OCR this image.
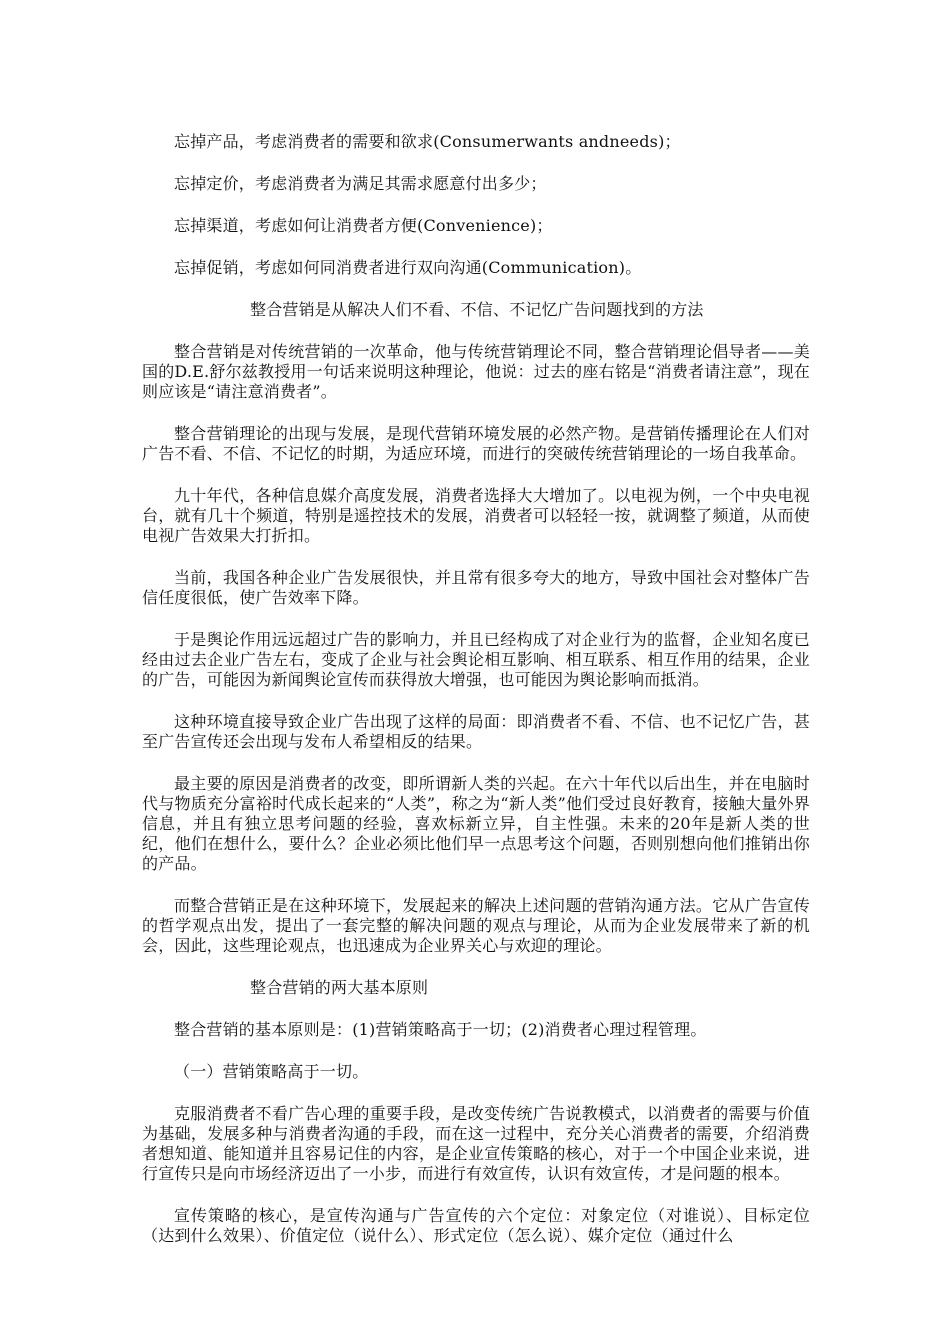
忘掉产品，考虑消费者的需要和欲求(Consumerwants andneeds)；

忘掉定价，考虑消费者为满足其需求愿意付出多少；

忘掉渠道，考虑如何让消费者方便(Convenience)；

忘掉促销，考虑如何同消费者进行双向沟通(Communication)。

整合营销是从解决人们不看、不信、不记忆广告问题找到的方法

整合营销是对传统营销的一次革命，他与传统营销理论不同，整合营销理论倡导者——美国的D.E.舒尔兹教授用一句话来说明这种理论，他说：过去的座右铭是“消费者请注意”，现在则应该是“请注意消费者”。

整合营销理论的出现与发展，是现代营销环境发展的必然产物。是营销传播理论在人们对广告不看、不信、不记忆的时期，为适应环境，而进行的突破传统营销理论的一场自我革命。

九十年代，各种信息媒介高度发展，消费者选择大大增加了。以电视为例，一个中央电视台，就有几十个频道，特别是遥控技术的发展，消费者可以轻轻一按，就调整了频道，从而使电视广告效果大打折扣。

当前，我国各种企业广告发展很快，并且常有很多夸大的地方，导致中国社会对整体广告信任度很低，使广告效率下降。

于是舆论作用远远超过广告的影响力，并且已经构成了对企业行为的监督，企业知名度已经由过去企业广告左右，变成了企业与社会舆论相互影响、相互联系、相互作用的结果，企业的广告，可能因为新闻舆论宣传而获得放大增强，也可能因为舆论影响而抵消。

这种环境直接导致企业广告出现了这样的局面：即消费者不看、不信、也不记忆广告，甚至广告宣传还会出现与发布人希望相反的结果。

最主要的原因是消费者的改变，即所谓新人类的兴起。在六十年代以后出生，并在电脑时代与物质充分富裕时代成长起来的“人类”，称之为“新人类”他们受过良好教育，接触大量外界信息，并且有独立思考问题的经验，喜欢标新立异，自主性强。未来的20年是新人类的世纪，他们在想什么，要什么？企业必须比他们早一点思考这个问题，否则别想向他们推销出你的产品。

而整合营销正是在这种环境下，发展起来的解决上述问题的营销沟通方法。它从广告宣传的哲学观点出发，提出了一套完整的解决问题的观点与理论，从而为企业发展带来了新的机会，因此，这些理论观点，也迅速成为企业界关心与欢迎的理论。

整合营销的两大基本原则

整合营销的基本原则是：(1)营销策略高于一切；(2)消费者心理过程管理。

（一）营销策略高于一切。

克服消费者不看广告心理的重要手段，是改变传统广告说教模式，以消费者的需要与价值为基础，发展多种与消费者沟通的手段，而在这一过程中，充分关心消费者的需要，介绍消费者想知道、能知道并且容易记住的内容，是企业宣传策略的核心，对于一个中国企业来说，进行宣传只是向市场经济迈出了一小步，而进行有效宣传，认识有效宣传，才是问题的根本。

宣传策略的核心，是宣传沟通与广告宣传的六个定位：对象定位（对谁说）、目标定位（达到什么效果）、价值定位（说什么）、形式定位（怎么说）、媒介定位（通过什么
